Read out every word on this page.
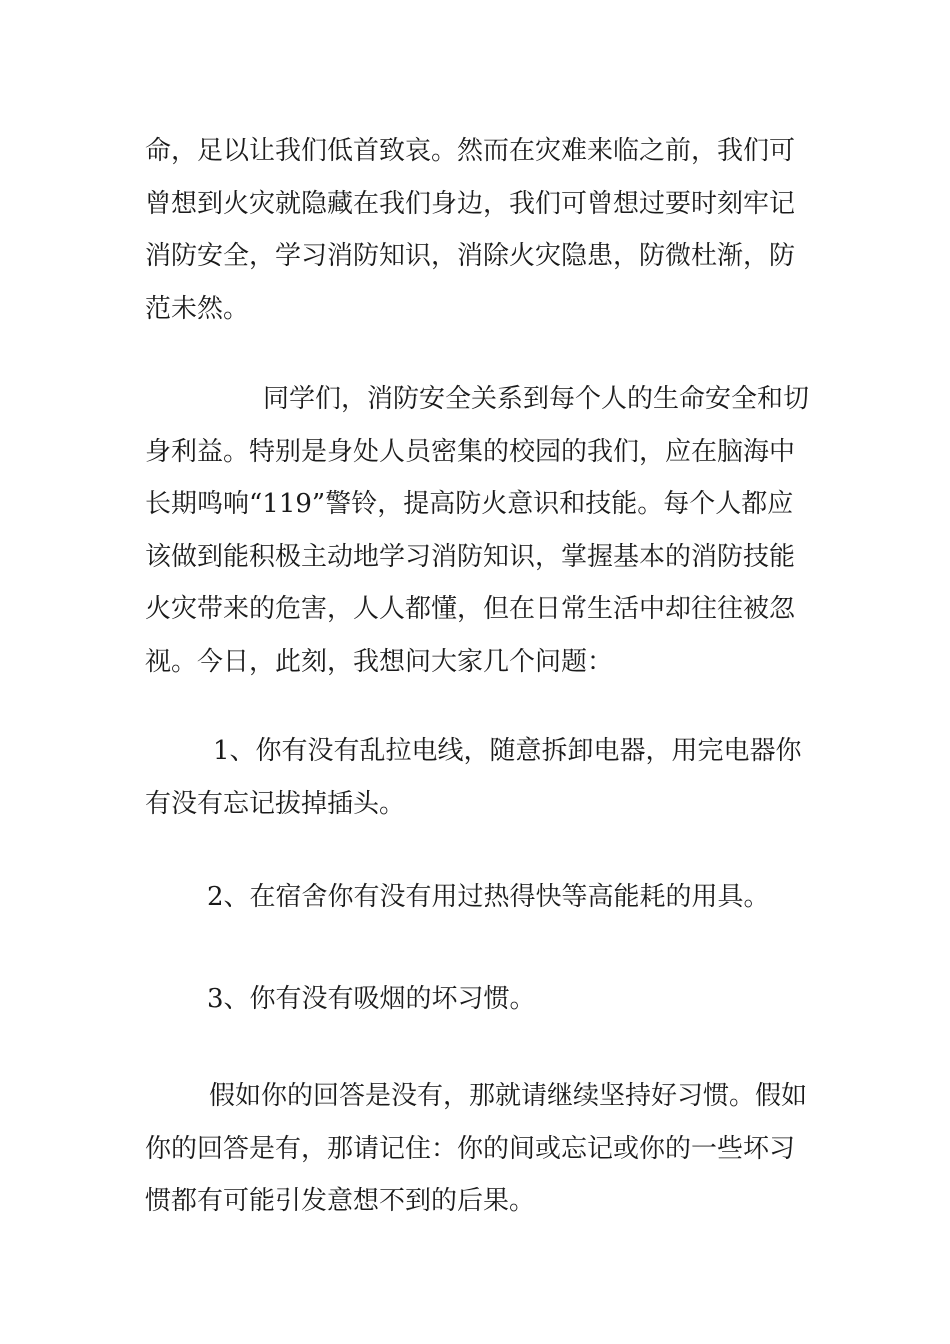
命，足以让我们低首致哀。然而在灾难来临之前，我们可
曾想到火灾就隐藏在我们身边，我们可曾想过要时刻牢记
消防安全，学习消防知识，消除火灾隐患，防微杜渐，防
范未然。
同学们，消防安全关系到每个人的生命安全和切
身利益。特别是身处人员密集的校园的我们，应在脑海中
长期鸣响“119”警铃，提高防火意识和技能。每个人都应
该做到能积极主动地学习消防知识，掌握基本的消防技能
火灾带来的危害，人人都懂，但在日常生活中却往往被忽
视。今日，此刻，我想问大家几个问题：
1、你有没有乱拉电线，随意拆卸电器，用完电器你
有没有忘记拔掉插头。
2、在宿舍你有没有用过热得快等高能耗的用具。
3、你有没有吸烟的坏习惯。
假如你的回答是没有，那就请继续坚持好习惯。假如
你的回答是有，那请记住：你的间或忘记或你的一些坏习
惯都有可能引发意想不到的后果。
